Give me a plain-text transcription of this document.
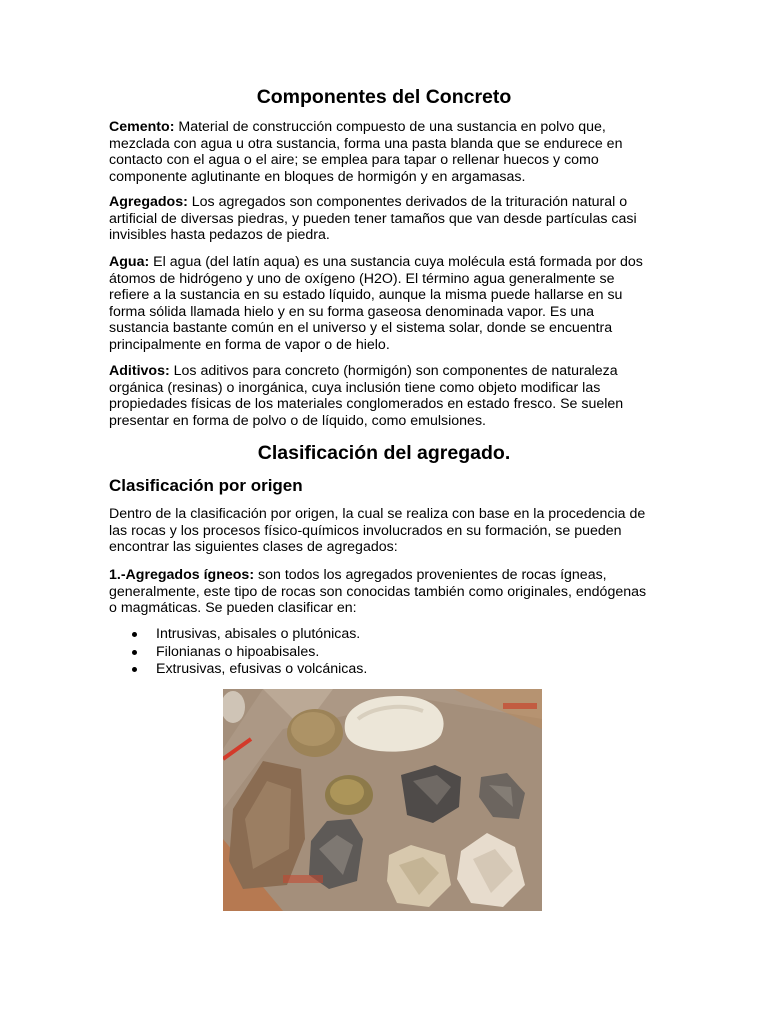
Componentes del Concreto
Cemento: Material de construcción compuesto de una sustancia en polvo que, mezclada con agua u otra sustancia, forma una pasta blanda que se endurece en contacto con el agua o el aire; se emplea para tapar o rellenar huecos y como componente aglutinante en bloques de hormigón y en argamasas.
Agregados: Los agregados son componentes derivados de la trituración natural o artificial de diversas piedras, y pueden tener tamaños que van desde partículas casi invisibles hasta pedazos de piedra.
Agua: El agua (del latín aqua) es una sustancia cuya molécula está formada por dos átomos de hidrógeno y uno de oxígeno (H2O). El término agua generalmente se refiere a la sustancia en su estado líquido, aunque la misma puede hallarse en su forma sólida llamada hielo y en su forma gaseosa denominada vapor. Es una sustancia bastante común en el universo y el sistema solar, donde se encuentra principalmente en forma de vapor o de hielo.
Aditivos: Los aditivos para concreto (hormigón) son componentes de naturaleza orgánica (resinas) o inorgánica, cuya inclusión tiene como objeto modificar las propiedades físicas de los materiales conglomerados en estado fresco. Se suelen presentar en forma de polvo o de líquido, como emulsiones.
Clasificación del agregado.
Clasificación por origen
Dentro de la clasificación por origen, la cual se realiza con base en la procedencia de las rocas y los procesos físico-químicos involucrados en su formación, se pueden encontrar las siguientes clases de agregados:
1.-Agregados ígneos: son todos los agregados provenientes de rocas ígneas, generalmente, este tipo de rocas son conocidas también como originales, endógenas o magmáticas. Se pueden clasificar en:
Intrusivas, abisales o plutónicas.
Filonianas o hipoabisales.
Extrusivas, efusivas o volcánicas.
